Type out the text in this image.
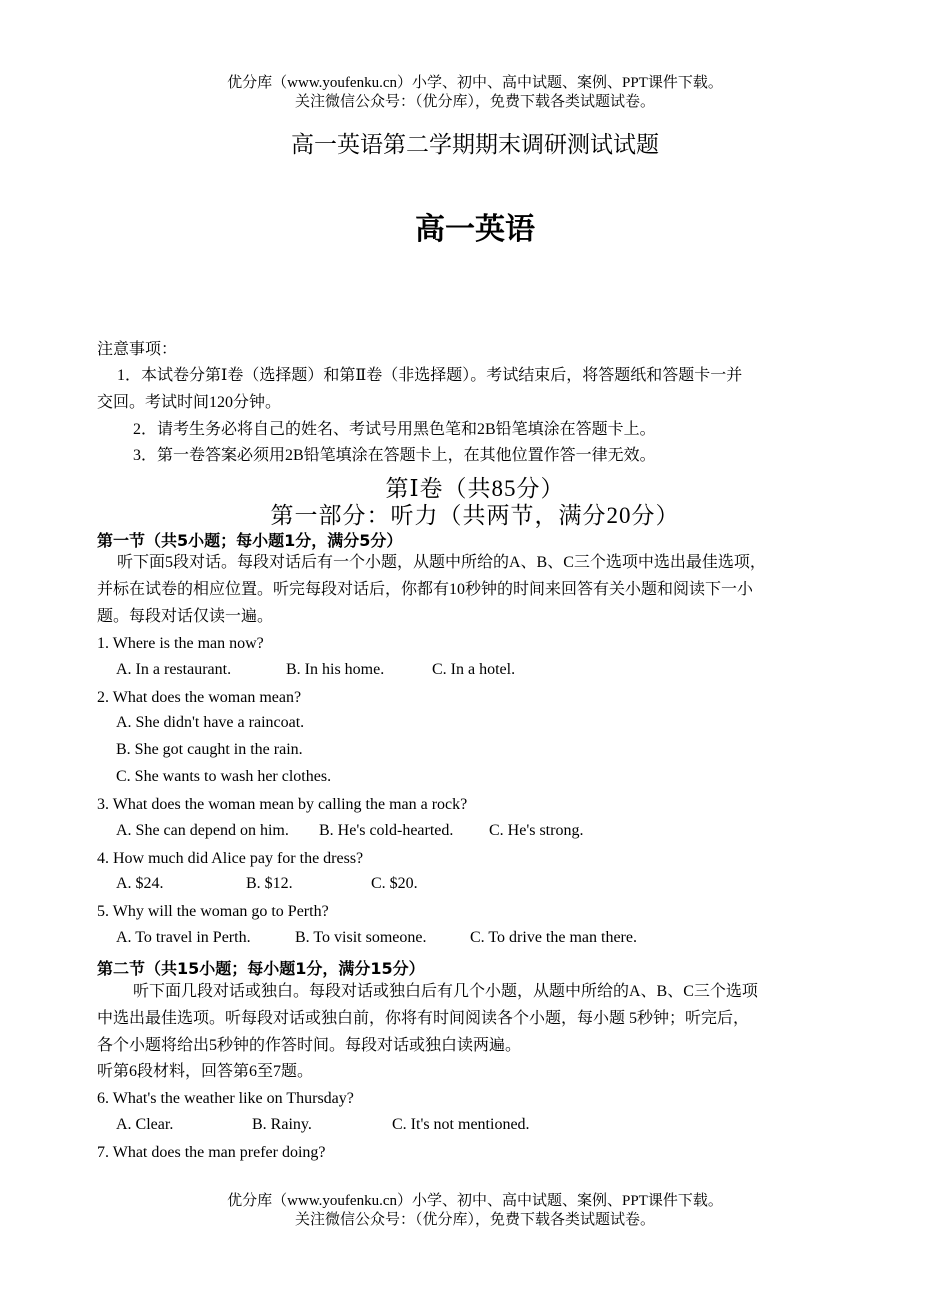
优分库（www.youfenku.cn）小学、初中、高中试题、案例、PPT课件下载。
关注微信公众号：（优分库），免费下载各类试题试卷。
高一英语第二学期期末调研测试试题
高一英语
注意事项：
1．本试卷分第Ⅰ卷（选择题）和第Ⅱ卷（非选择题）。考试结束后，将答题纸和答题卡一并
交回。考试时间120分钟。
2．请考生务必将自己的姓名、考试号用黑色笔和2B铅笔填涂在答题卡上。
3．第一卷答案必须用2B铅笔填涂在答题卡上，在其他位置作答一律无效。
第Ⅰ卷（共85分）
第一部分：听力（共两节，满分20分）
第一节（共5小题；每小题1分，满分5分）
听下面5段对话。每段对话后有一个小题，从题中所给的A、B、C三个选项中选出最佳选项，
并标在试卷的相应位置。听完每段对话后，你都有10秒钟的时间来回答有关小题和阅读下一小
题。每段对话仅读一遍。
1. Where is the man now?
A. In a restaurant.	B. In his home.	C. In a hotel.
2. What does the woman mean?
A. She didn't have a raincoat.
B. She got caught in the rain.
C. She wants to wash her clothes.
3. What does the woman mean by calling the man a rock?
A. She can depend on him. B. He's cold-hearted. C. He's strong.
4. How much did Alice pay for the dress?
A. $24.	B. $12.	C. $20.
5. Why will the woman go to Perth?
A. To travel in Perth.	B. To visit someone.	C. To drive the man there.
第二节（共15小题；每小题1分，满分15分）
听下面几段对话或独白。每段对话或独白后有几个小题，从题中所给的A、B、C三个选项
中选出最佳选项。听每段对话或独白前，你将有时间阅读各个小题，每小题 5秒钟；听完后，
各个小题将给出5秒钟的作答时间。每段对话或独白读两遍。
听第6段材料，回答第6至7题。
6. What's the weather like on Thursday?
A. Clear.	B. Rainy.	C. It's not mentioned.
7. What does the man prefer doing?
优分库（www.youfenku.cn）小学、初中、高中试题、案例、PPT课件下载。
关注微信公众号：（优分库），免费下载各类试题试卷。
